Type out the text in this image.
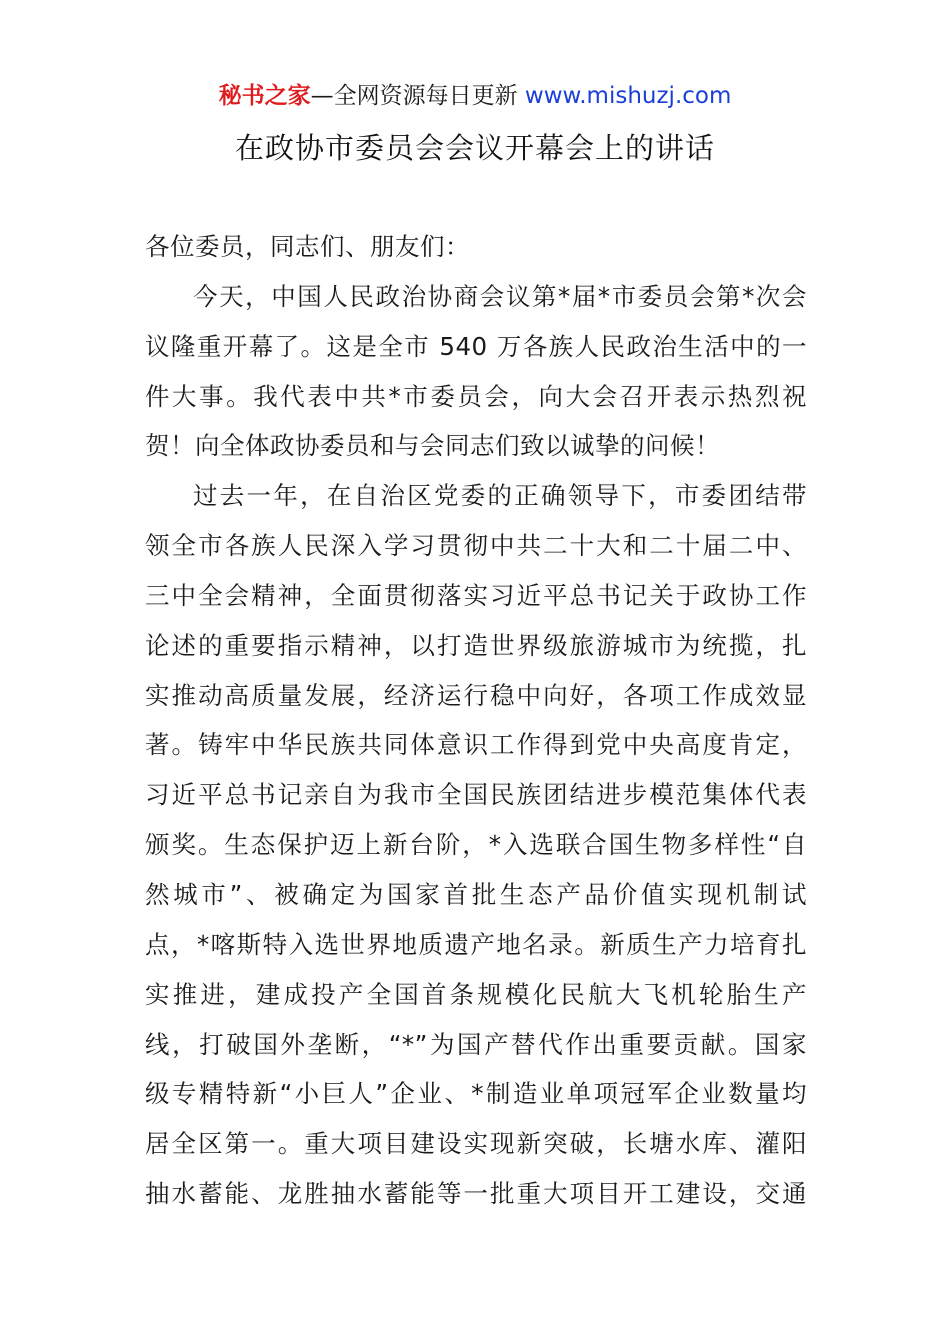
秘书之家—全网资源每日更新 www.mishuzj.com
在政协市委员会会议开幕会上的讲话
各位委员，同志们、朋友们：
今天，中国人民政治协商会议第*届*市委员会第*次会
议隆重开幕了。这是全市 540 万各族人民政治生活中的一
件大事。我代表中共*市委员会，向大会召开表示热烈祝
贺！向全体政协委员和与会同志们致以诚挚的问候！
过去一年，在自治区党委的正确领导下，市委团结带
领全市各族人民深入学习贯彻中共二十大和二十届二中、
三中全会精神，全面贯彻落实习近平总书记关于政协工作
论述的重要指示精神，以打造世界级旅游城市为统揽，扎
实推动高质量发展，经济运行稳中向好，各项工作成效显
著。铸牢中华民族共同体意识工作得到党中央高度肯定，
习近平总书记亲自为我市全国民族团结进步模范集体代表
颁奖。生态保护迈上新台阶，*入选联合国生物多样性“自
然城市”、被确定为国家首批生态产品价值实现机制试
点，*喀斯特入选世界地质遗产地名录。新质生产力培育扎
实推进，建成投产全国首条规模化民航大飞机轮胎生产
线，打破国外垄断，“*”为国产替代作出重要贡献。国家
级专精特新“小巨人”企业、*制造业单项冠军企业数量均
居全区第一。重大项目建设实现新突破，长塘水库、灌阳
抽水蓄能、龙胜抽水蓄能等一批重大项目开工建设，交通
